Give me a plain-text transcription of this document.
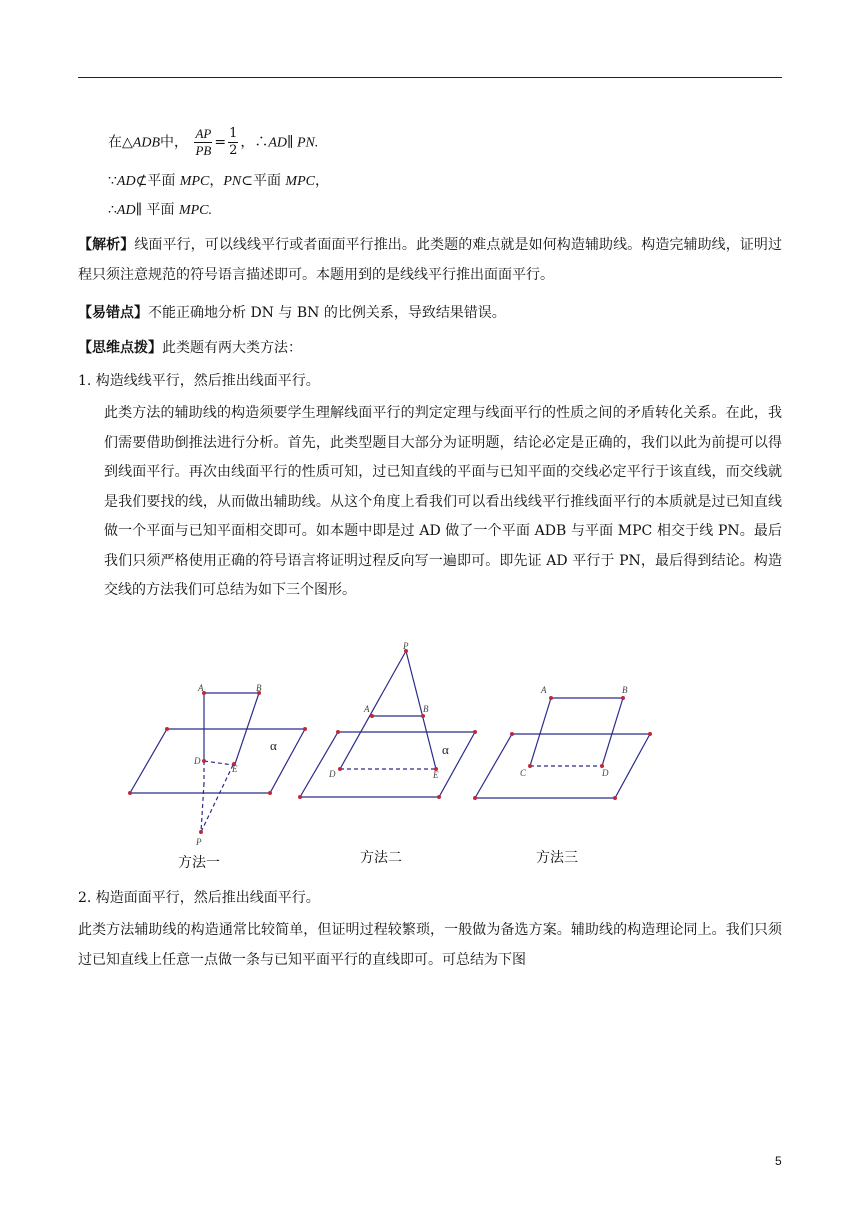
在△ADB中， $\frac{AP}{PB} = \frac{1}{2}$ ，∴AD∥ PN.
∵AD⊄平面 MPC，PN⊂平面 MPC，
∴AD∥ 平面 MPC.
【解析】线面平行，可以线线平行或者面面平行推出。此类题的难点就是如何构造辅助线。构造完辅助线，证明过程只须注意规范的符号语言描述即可。本题用到的是线线平行推出面面平行。
【易错点】不能正确地分析 DN 与 BN 的比例关系，导致结果错误。
【思维点拨】此类题有两大类方法：
1. 构造线线平行，然后推出线面平行。
此类方法的辅助线的构造须要学生理解线面平行的判定定理与线面平行的性质之间的矛盾转化关系。在此，我们需要借助倒推法进行分析。首先，此类型题目大部分为证明题，结论必定是正确的，我们以此为前提可以得到线面平行。再次由线面平行的性质可知，过已知直线的平面与已知平面的交线必定平行于该直线，而交线就是我们要找的线，从而做出辅助线。从这个角度上看我们可以看出线线平行推线面平行的本质就是过已知直线做一个平面与已知平面相交即可。如本题中即是过 AD 做了一个平面 ADB 与平面 MPC 相交于线 PN。最后我们只须严格使用正确的符号语言将证明过程反向写一遍即可。即先证 AD 平行于 PN，最后得到结论。构造交线的方法我们可总结为如下三个图形。
A	B
D
E
P
α
P
A	B
D	E
α
A	B
C	D
方法一	方法二	方法三
2. 构造面面平行，然后推出线面平行。
此类方法辅助线的构造通常比较简单，但证明过程较繁琐，一般做为备选方案。辅助线的构造理论同上。我们只须过已知直线上任意一点做一条与已知平面平行的直线即可。可总结为下图
5
